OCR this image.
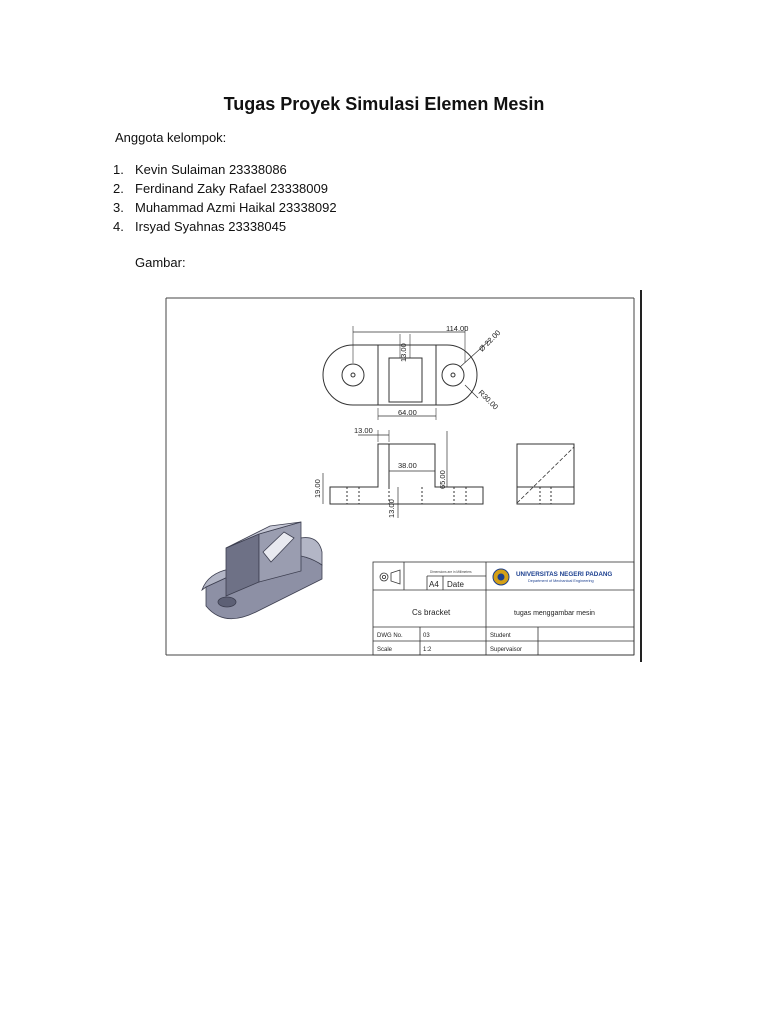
Tugas Proyek Simulasi Elemen Mesin
Anggota kelompok:
1. Kevin Sulaiman 23338086
2. Ferdinand Zaky Rafael 23338009
3. Muhammad Azmi Haikal 23338092
4. Irsyad Syahnas 23338045
Gambar:
114.00
13.00	Ø 22.00
R30.00
64.00
13.00
38.00
65.00
19.00
13.00
Dimensions are in Millimeters
A4 Date
UNIVERSITAS NEGERI PADANG
Department of Mechanical Engineering
Cs bracket	tugas menggambar mesin
DWG No.	03	Student
Scale	1:2	Supervaisor
